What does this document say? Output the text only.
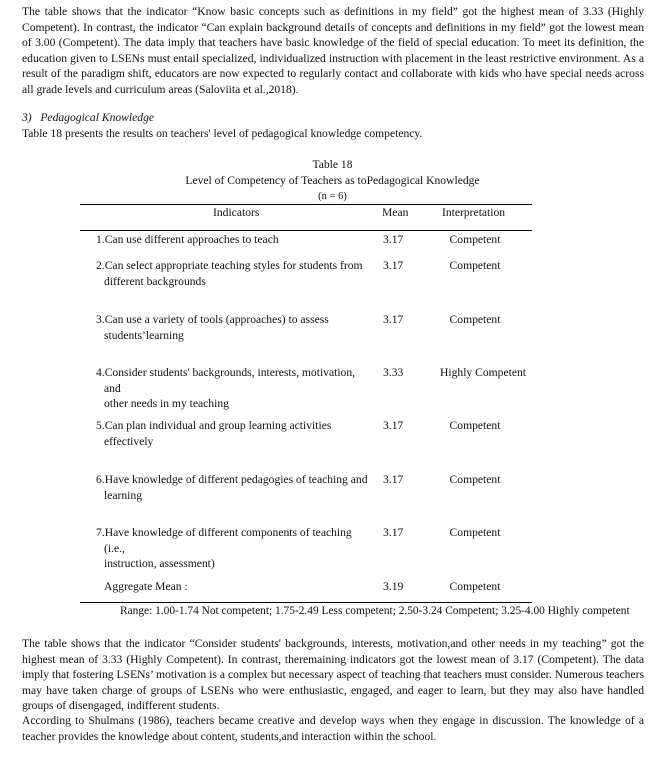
The table shows that the indicator “Know basic concepts such as definitions in my field” got the highest mean of 3.33 (Highly Competent). In contrast, the indicator “Can explain background details of concepts and definitions in my field” got the lowest mean of 3.00 (Competent). The data imply that teachers have basic knowledge of the field of special education. To meet its definition, the education given to LSENs must entail specialized, individualized instruction with placement in the least restrictive environment. As a result of the paradigm shift, educators are now expected to regularly contact and collaborate with kids who have special needs across all grade levels and curriculum areas (Saloviita et al.,2018).

3)   Pedagogical Knowledge

Table 18 presents the results on teachers' level of pedagogical knowledge competency.

Table 18

Level of Competency of Teachers as toPedagogical Knowledge

(n = 6)

Indicators	Mean	Interpretation

1.Can use different approaches to teach	3.17	Competent
2.Can select appropriate teaching styles for students from
different backgrounds
3.17	Competent
3.Can use a variety of tools (approaches) to assess
students’learning
3.17	Competent
4.Consider students' backgrounds, interests, motivation,
and
other needs in my teaching
3.33	Highly Competent
5.Can plan individual and group learning activities
effectively
3.17	Competent
6.Have knowledge of different pedagogies of teaching and
learning
3.17	Competent
7.Have knowledge of different components of teaching
(i.e.,
instruction, assessment)
3.17	Competent
Aggregate Mean :	3.19	Competent

Range: 1.00-1.74 Not competent; 1.75-2.49 Less competent; 2.50-3.24 Competent; 3.25-4.00 Highly competent

The table shows that the indicator “Consider students' backgrounds, interests, motivation,and other needs in my teaching” got the highest mean of 3.33 (Highly Competent). In contrast, theremaining indicators got the lowest mean of 3.17 (Competent). The data imply that fostering LSENs’ motivation is a complex but necessary aspect of teaching that teachers must consider. Numerous teachers may have taken charge of groups of LSENs who were enthusiastic, engaged, and eager to learn, but they may also have handled groups of disengaged, indifferent students.

According to Shulmans (1986), teachers became creative and develop ways when they engage in discussion. The knowledge of a teacher provides the knowledge about content, students,and interaction within the school.
